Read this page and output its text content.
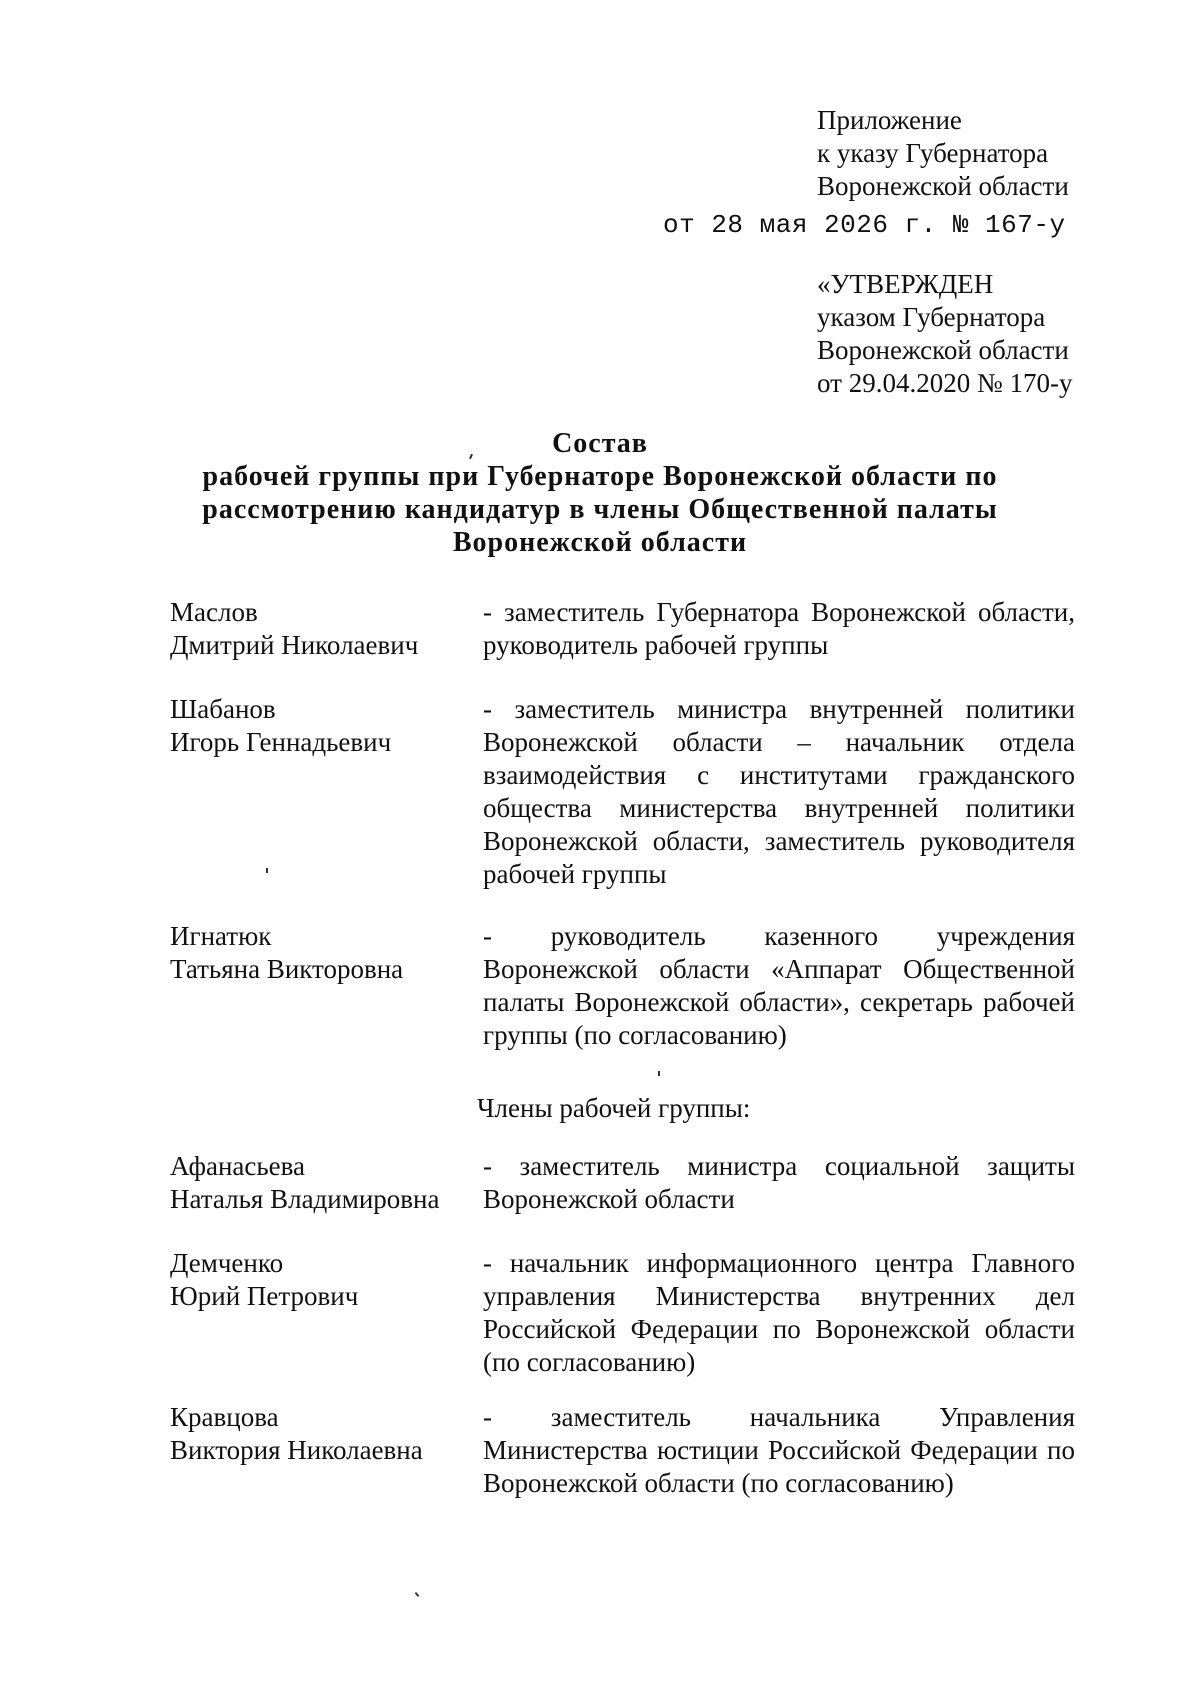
Приложение
к указу Губернатора
Воронежской области
от 28 мая 2026 г. № 167-у
«УТВЕРЖДЕН
указом Губернатора
Воронежской области
от 29.04.2020 № 170-у
Состав
рабочей группы при Губернаторе Воронежской области по
рассмотрению кандидатур в члены Общественной палаты
Воронежской области
Маслов
Дмитрий Николаевич
- заместитель Губернатора Воронежской области, руководитель рабочей группы
Шабанов
Игорь Геннадьевич
- заместитель министра внутренней политики Воронежской области – начальник отдела взаимодействия с институтами гражданского общества министерства внутренней политики Воронежской области, заместитель руководителя рабочей группы
Игнатюк
Татьяна Викторовна
- руководитель казенного учреждения Воронежской области «Аппарат Общественной палаты Воронежской области», секретарь рабочей группы (по согласованию)
Члены рабочей группы:
Афанасьева
Наталья Владимировна
- заместитель министра социальной защиты Воронежской области
Демченко
Юрий Петрович
- начальник информационного центра Главного управления Министерства внутренних дел Российской Федерации по Воронежской области (по согласованию)
Кравцова
Виктория Николаевна
- заместитель начальника Управления Министерства юстиции Российской Федерации по Воронежской области (по согласованию)
